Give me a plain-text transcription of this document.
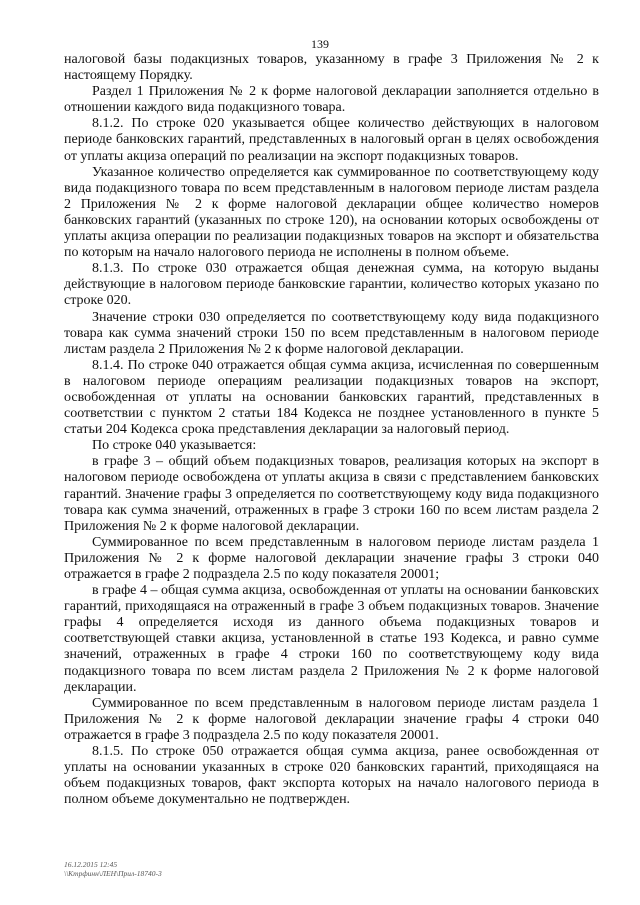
139

налоговой базы подакцизных товаров, указанному в графе 3 Приложения № 2 к настоящему Порядку.

Раздел 1 Приложения № 2 к форме налоговой декларации заполняется отдельно в отношении каждого вида подакцизного товара.

8.1.2. По строке 020 указывается общее количество действующих в налоговом периоде банковских гарантий, представленных в налоговый орган в целях освобождения от уплаты акциза операций по реализации на экспорт подакцизных товаров.

Указанное количество определяется как суммированное по соответствующему коду вида подакцизного товара по всем представленным в налоговом периоде листам раздела 2 Приложения № 2 к форме налоговой декларации общее количество номеров банковских гарантий (указанных по строке 120), на основании которых освобождены от уплаты акциза операции по реализации подакцизных товаров на экспорт и обязательства по которым на начало налогового периода не исполнены в полном объеме.

8.1.3. По строке 030 отражается общая денежная сумма, на которую выданы действующие в налоговом периоде банковские гарантии, количество которых указано по строке 020.

Значение строки 030 определяется по соответствующему коду вида подакцизного товара как сумма значений строки 150 по всем представленным в налоговом периоде листам раздела 2 Приложения № 2 к форме налоговой декларации.

8.1.4. По строке 040 отражается общая сумма акциза, исчисленная по совершенным в налоговом периоде операциям реализации подакцизных товаров на экспорт, освобожденная от уплаты на основании банковских гарантий, представленных в соответствии с пунктом 2 статьи 184 Кодекса не позднее установленного в пункте 5 статьи 204 Кодекса срока представления декларации за налоговый период.

По строке 040 указывается:

в графе 3 – общий объем подакцизных товаров, реализация которых на экспорт в налоговом периоде освобождена от уплаты акциза в связи с представлением банковских гарантий. Значение графы 3 определяется по соответствующему коду вида подакцизного товара как сумма значений, отраженных в графе 3 строки 160 по всем листам раздела 2 Приложения № 2 к форме налоговой декларации.

Суммированное по всем представленным в налоговом периоде листам раздела 1 Приложения № 2 к форме налоговой декларации значение графы 3 строки 040 отражается в графе 2 подраздела 2.5 по коду показателя 20001;

в графе 4 – общая сумма акциза, освобожденная от уплаты на основании банковских гарантий, приходящаяся на отраженный в графе 3 объем подакцизных товаров. Значение графы 4 определяется исходя из данного объема подакцизных товаров и соответствующей ставки акциза, установленной в статье 193 Кодекса, и равно сумме значений, отраженных в графе 4 строки 160 по соответствующему коду вида подакцизного товара по всем листам раздела 2 Приложения № 2 к форме налоговой декларации.

Суммированное по всем представленным в налоговом периоде листам раздела 1 Приложения № 2 к форме налоговой декларации значение графы 4 строки 040 отражается в графе 3 подраздела 2.5 по коду показателя 20001.

8.1.5. По строке 050 отражается общая сумма акциза, ранее освобожденная от уплаты на основании указанных в строке 020 банковских гарантий, приходящаяся на объем подакцизных товаров, факт экспорта которых на начало налогового периода в полном объеме документально не подтвержден.

16.12.2015 12:45
\\Ктрфинн\ЛЕН\Прил-18740-3
